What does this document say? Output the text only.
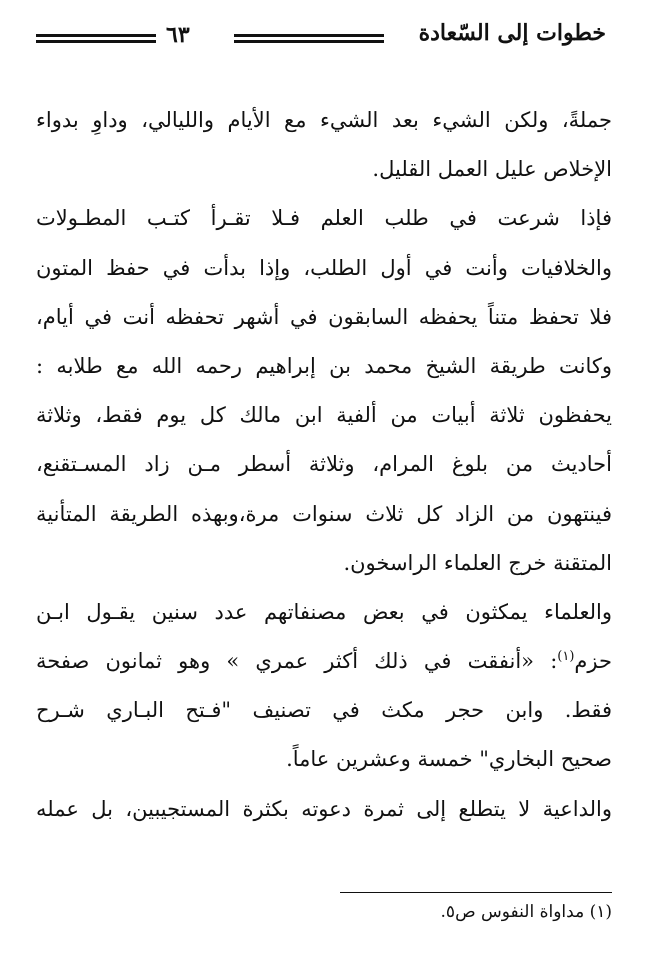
خطوات إلى السّعادة
٦٣
جملةً، ولكن الشيء بعد الشيء مع الأيام والليالي، وداوِ بدواء
الإخلاص عليل العمل القليل.
فإذا شرعت في طلب العلم فـلا تقـرأ كتـب المطـولات
والخلافيات وأنت في أول الطلب، وإذا بدأت في حفظ المتون
فلا تحفظ متناً يحفظه السابقون في أشهر تحفظه أنت في أيام،
وكانت طريقة الشيخ محمد بن إبراهيم رحمه الله مع طلابه :
يحفظون ثلاثة أبيات من ألفية ابن مالك كل يوم فقط، وثلاثة
أحاديث من بلوغ المرام، وثلاثة أسطر مـن زاد المسـتقنع،
فينتهون من الزاد كل ثلاث سنوات مرة،وبهذه الطريقة المتأنية
المتقنة خرج العلماء الراسخون.
والعلماء يمكثون في بعض مصنفاتهم عدد سنين يقـول ابـن
حزم$^{(١)}$: «أنفقت في ذلك أكثر عمري » وهو ثمانون صفحة
فقط. وابن حجر مكث في تصنيف "فـتح البـاري شـرح
صحيح البخاري" خمسة وعشرين عاماً.
والداعية لا يتطلع إلى ثمرة دعوته بكثرة المستجيبين، بل عمله
(١) مداواة النفوس ص٥.
